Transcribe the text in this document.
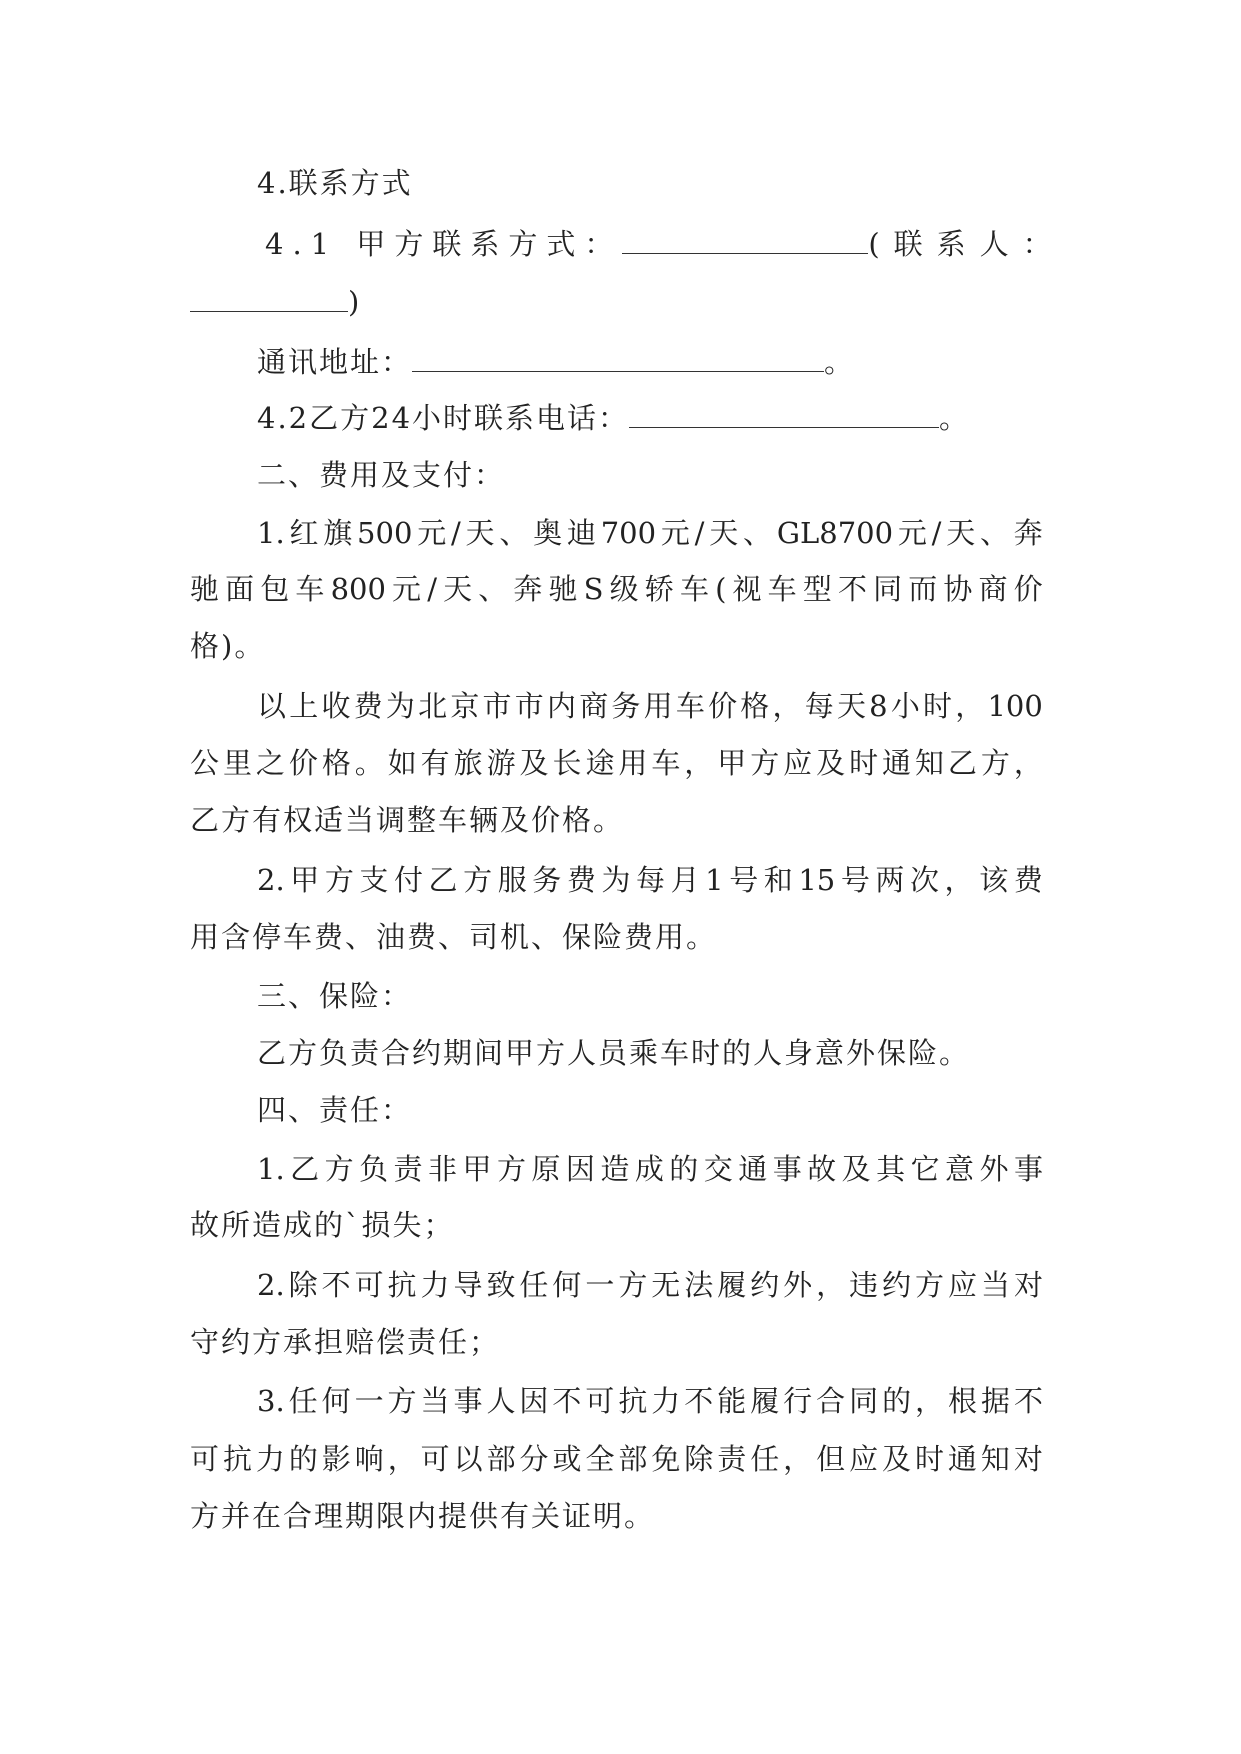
4.联系方式
4.1 甲方联系方式：	(联系人：
)
通讯地址：	。
4.2乙方24小时联系电话：	。
二、费用及支付：
1. 红 旗 500 元 / 天 、 奥 迪 700 元 / 天 、 GL8700 元 / 天 、 奔
驰 面 包 车 800 元 / 天 、 奔 驰 S 级 轿 车 ( 视 车 型 不 同 而 协 商 价
格)。
以 上 收 费 为 北 京 市 市 内 商 务 用 车 价 格 ， 每 天 8 小 时 ， 100
公 里 之 价 格 。 如 有 旅 游 及 长 途 用 车 ， 甲 方 应 及 时 通 知 乙 方 ，
乙方有权适当调整车辆及价格。
2. 甲 方 支 付 乙 方 服 务 费 为 每 月 1 号 和 15 号 两 次 ， 该 费
用含停车费、油费、司机、保险费用。
三、保险：
乙方负责合约期间甲方人员乘车时的人身意外保险。
四、责任：
1. 乙 方 负 责 非 甲 方 原 因 造 成 的 交 通 事 故 及 其 它 意 外 事
故所造成的`损失；
2. 除 不 可 抗 力 导 致 任 何 一 方 无 法 履 约 外 ， 违 约 方 应 当 对
守约方承担赔偿责任；
3. 任 何 一 方 当 事 人 因 不 可 抗 力 不 能 履 行 合 同 的 ， 根 据 不
可 抗 力 的 影 响 ， 可 以 部 分 或 全 部 免 除 责 任 ， 但 应 及 时 通 知 对
方并在合理期限内提供有关证明。
